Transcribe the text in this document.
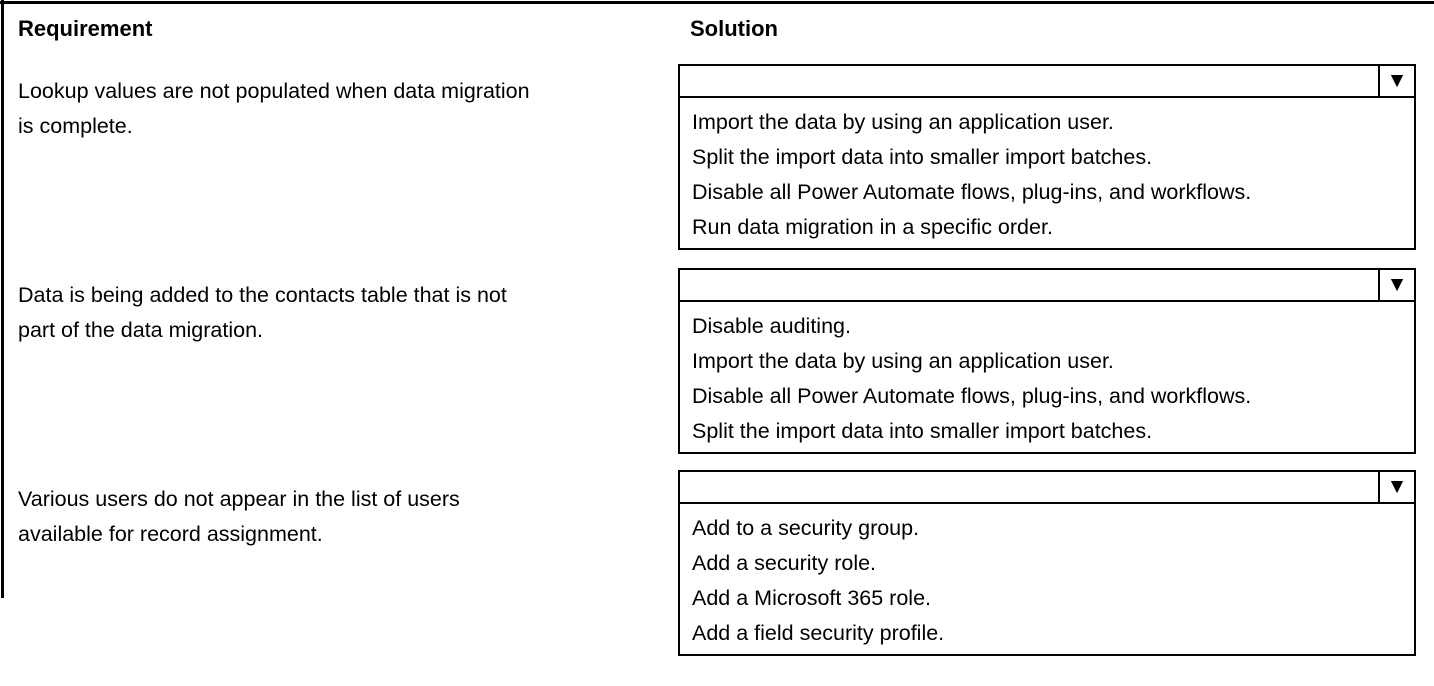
Requirement	Solution
Lookup values are not populated when data migration
is complete.
▼
Import the data by using an application user.
Split the import data into smaller import batches.
Disable all Power Automate flows, plug-ins, and workflows.
Run data migration in a specific order.
Data is being added to the contacts table that is not
part of the data migration.
▼
Disable auditing.
Import the data by using an application user.
Disable all Power Automate flows, plug-ins, and workflows.
Split the import data into smaller import batches.
Various users do not appear in the list of users
available for record assignment.
▼
Add to a security group.
Add a security role.
Add a Microsoft 365 role.
Add a field security profile.
